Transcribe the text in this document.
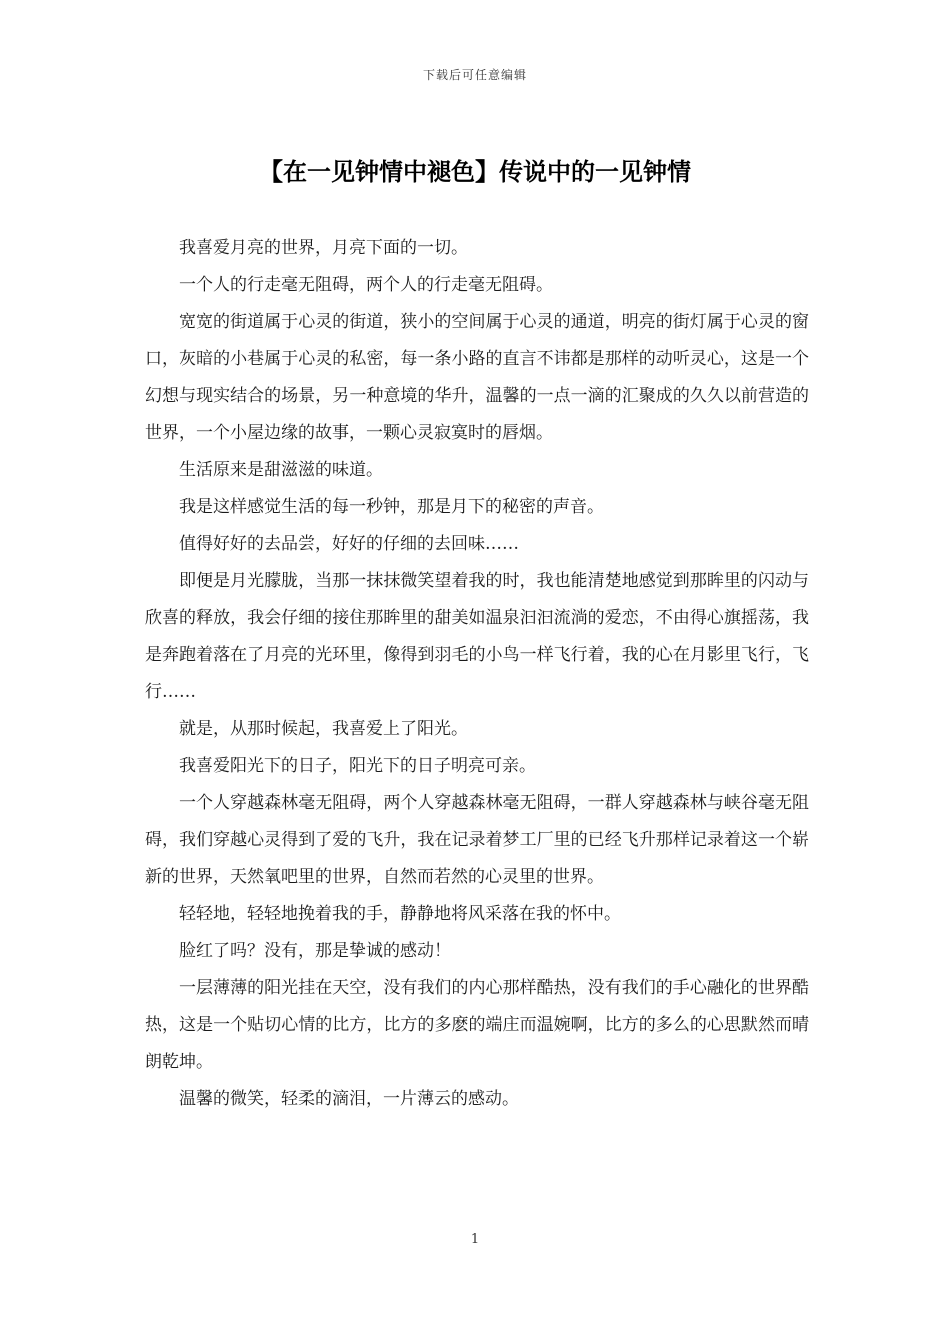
下载后可任意编辑
【在一见钟情中褪色】传说中的一见钟情

我喜爱月亮的世界，月亮下面的一切。

一个人的行走毫无阻碍，两个人的行走毫无阻碍。

宽宽的街道属于心灵的街道，狭小的空间属于心灵的通道，明亮的街灯属于心灵的窗口，灰暗的小巷属于心灵的私密，每一条小路的直言不讳都是那样的动听灵心，这是一个幻想与现实结合的场景，另一种意境的华升，温馨的一点一滴的汇聚成的久久以前营造的世界，一个小屋边缘的故事，一颗心灵寂寞时的唇烟。

生活原来是甜滋滋的味道。

我是这样感觉生活的每一秒钟，那是月下的秘密的声音。

值得好好的去品尝，好好的仔细的去回味……

即便是月光朦胧，当那一抹抹微笑望着我的时，我也能清楚地感觉到那眸里的闪动与欣喜的释放，我会仔细的接住那眸里的甜美如温泉汩汩流淌的爱恋，不由得心旗摇荡，我是奔跑着落在了月亮的光环里，像得到羽毛的小鸟一样飞行着，我的心在月影里飞行，飞行……

就是，从那时候起，我喜爱上了阳光。

我喜爱阳光下的日子，阳光下的日子明亮可亲。

一个人穿越森林毫无阻碍，两个人穿越森林毫无阻碍，一群人穿越森林与峡谷毫无阻碍，我们穿越心灵得到了爱的飞升，我在记录着梦工厂里的已经飞升那样记录着这一个崭新的世界，天然氧吧里的世界，自然而若然的心灵里的世界。

轻轻地，轻轻地挽着我的手，静静地将风采落在我的怀中。

脸红了吗？没有，那是挚诚的感动！

一层薄薄的阳光挂在天空，没有我们的内心那样酷热，没有我们的手心融化的世界酷热，这是一个贴切心情的比方，比方的多麽的端庄而温婉啊，比方的多么的心思默然而晴朗乾坤。

温馨的微笑，轻柔的滴泪，一片薄云的感动。

1
